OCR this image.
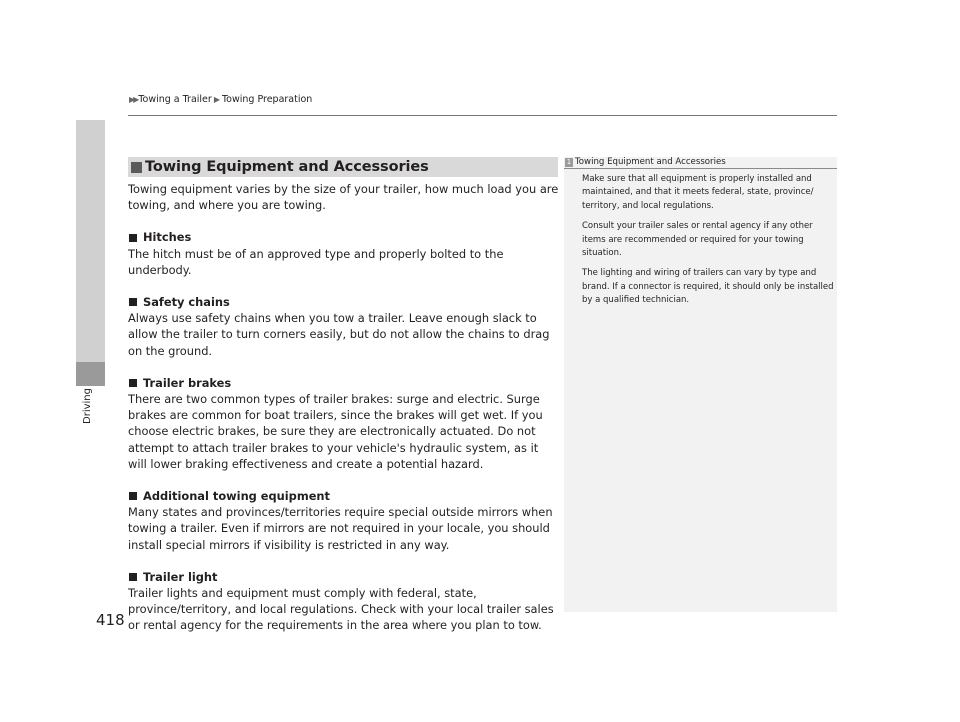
▶▶ Towing a Trailer ▶ Towing Preparation
Driving
418
Towing Equipment and Accessories

Towing equipment varies by the size of your trailer, how much load you are towing, and where you are towing.

Hitches

The hitch must be of an approved type and properly bolted to the underbody.

Safety chains

Always use safety chains when you tow a trailer. Leave enough slack to allow the trailer to turn corners easily, but do not allow the chains to drag on the ground.

Trailer brakes

There are two common types of trailer brakes: surge and electric. Surge brakes are common for boat trailers, since the brakes will get wet. If you choose electric brakes, be sure they are electronically actuated. Do not attempt to attach trailer brakes to your vehicle's hydraulic system, as it will lower braking effectiveness and create a potential hazard.

Additional towing equipment

Many states and provinces/territories require special outside mirrors when towing a trailer. Even if mirrors are not required in your locale, you should install special mirrors if visibility is restricted in any way.

Trailer light

Trailer lights and equipment must comply with federal, state, province/territory, and local regulations. Check with your local trailer sales or rental agency for the requirements in the area where you plan to tow.

1 Towing Equipment and Accessories

Make sure that all equipment is properly installed and maintained, and that it meets federal, state, province/ territory, and local regulations.

Consult your trailer sales or rental agency if any other items are recommended or required for your towing situation.

The lighting and wiring of trailers can vary by type and brand. If a connector is required, it should only be installed by a qualified technician.
